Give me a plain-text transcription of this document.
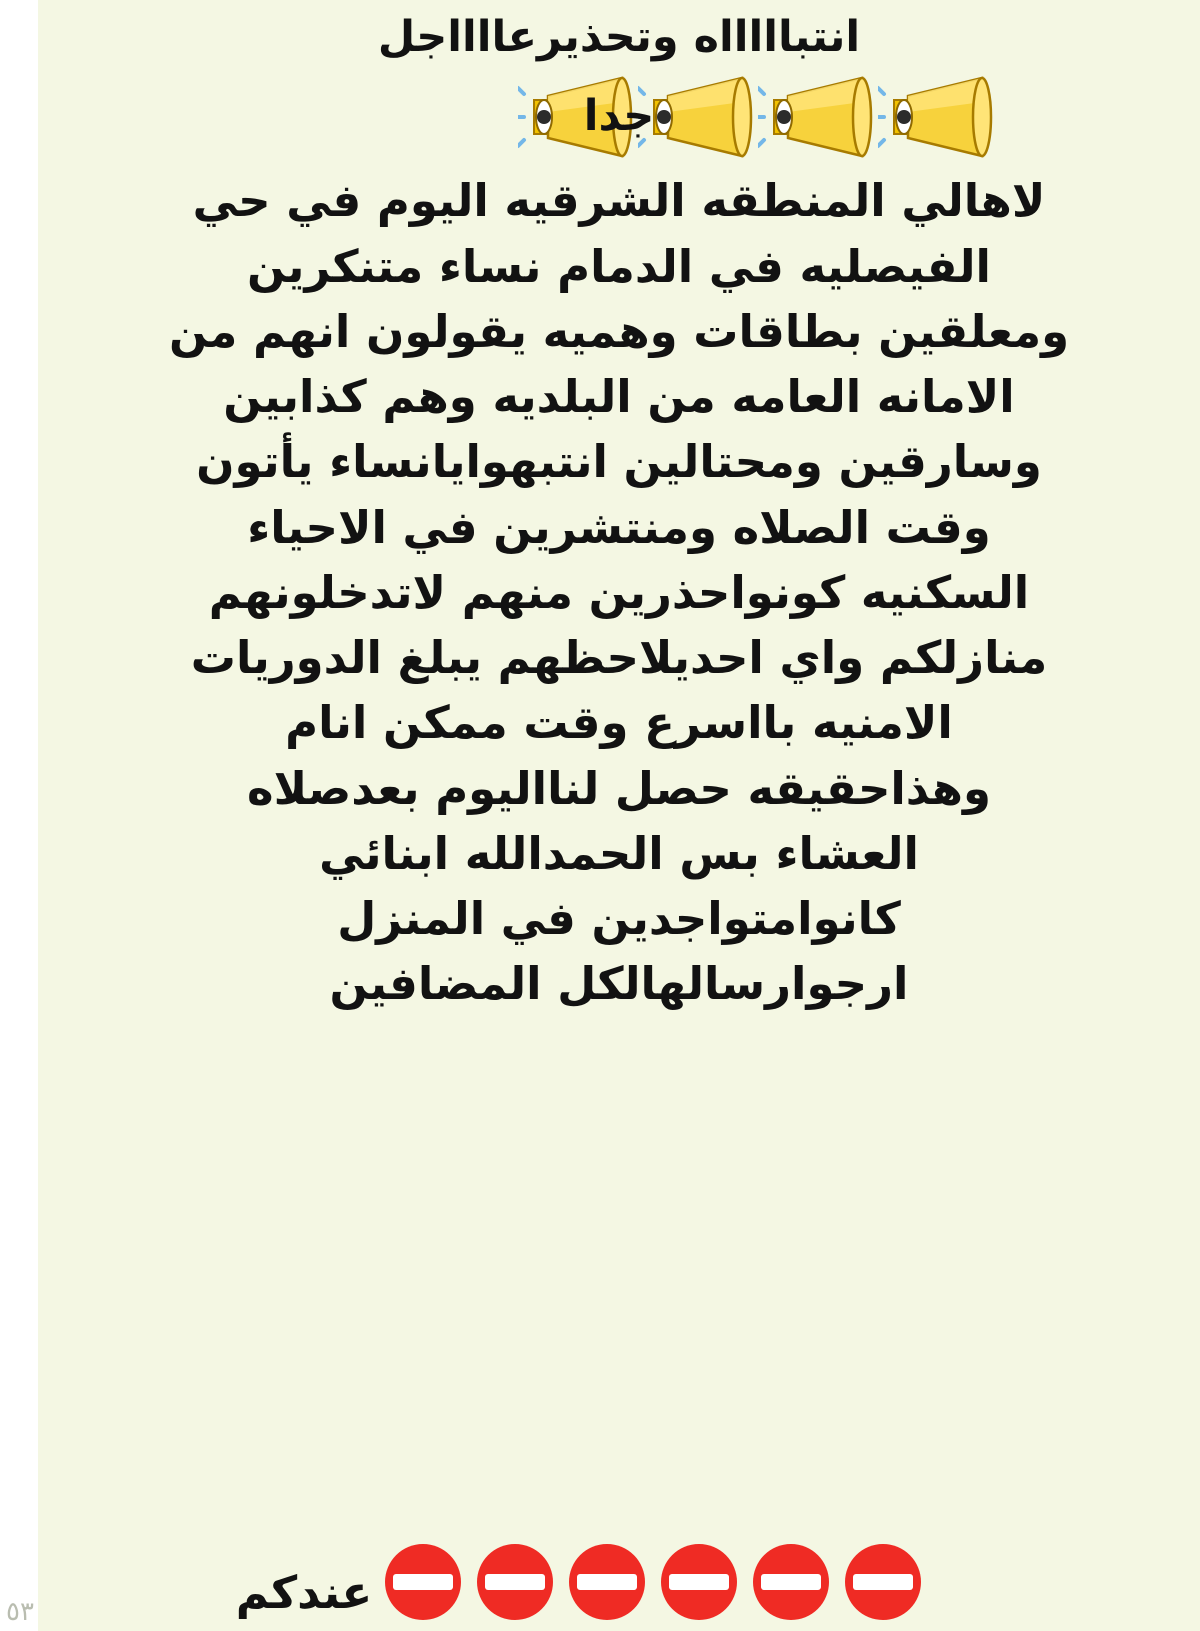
انتباااااه وتحذيرعااااجل
جدا
لاهالي المنطقه الشرقيه اليوم في حي
الفيصليه في الدمام نساء متنكرين
ومعلقين بطاقات وهميه يقولون انهم من
الامانه العامه من البلديه وهم كذابين
وسارقين ومحتالين انتبهوايانساء يأتون
وقت الصلاه ومنتشرين في الاحياء
السكنيه كونواحذرين منهم لاتدخلونهم
منازلكم واي احديلاحظهم يبلغ الدوريات
الامنيه بااسرع وقت ممكن انام
وهذاحقيقه حصل لنااليوم بعدصلاه
العشاء بس الحمدالله ابنائي
كانوامتواجدين في المنزل
ارجوارسالهالكل المضافين
عندكم
٥٣
